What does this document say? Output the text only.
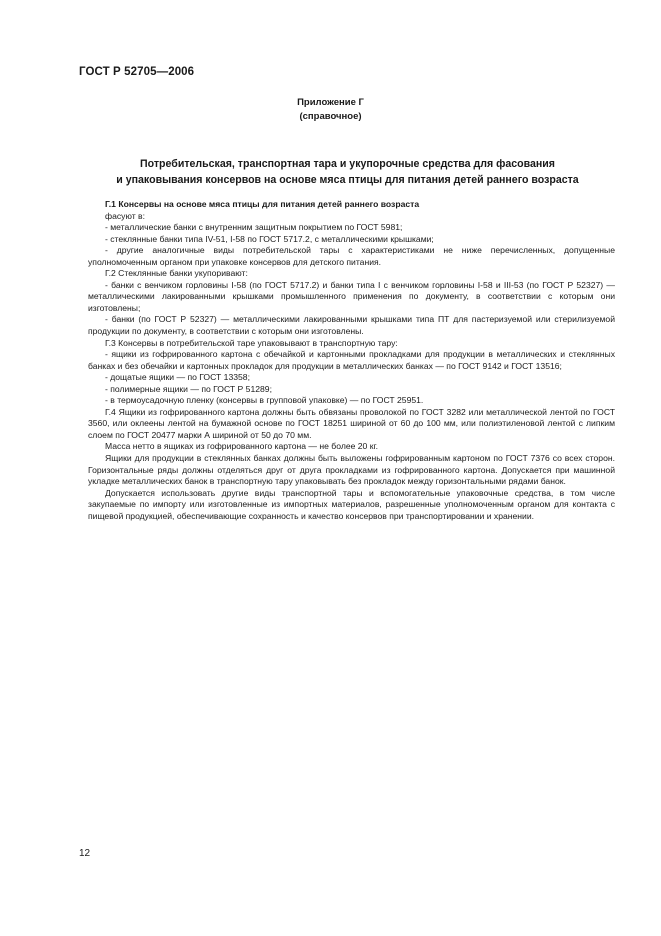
ГОСТ Р 52705—2006
Приложение Г
(справочное)
Потребительская, транспортная тара и укупорочные средства для фасования
и упаковывания консервов на основе мяса птицы для питания детей раннего возраста

Г.1 Консервы на основе мяса птицы для питания детей раннего возраста

фасуют в:

- металлические банки с внутренним защитным покрытием по ГОСТ 5981;

- стеклянные банки типа IV-51, I-58 по ГОСТ 5717.2, с металлическими крышками;

- другие аналогичные виды потребительской тары с характеристиками не ниже перечисленных, допущенные уполномоченным органом при упаковке консервов для детского питания.

Г.2 Стеклянные банки укупоривают:

- банки с венчиком горловины I-58 (по ГОСТ 5717.2) и банки типа I с венчиком горловины I-58 и III-53 (по ГОСТ Р 52327) — металлическими лакированными крышками промышленного применения по документу, в соответствии с которым они изготовлены;

- банки (по ГОСТ Р 52327) — металлическими лакированными крышками типа ПТ для пастеризуемой или стерилизуемой продукции по документу, в соответствии с которым они изготовлены.

Г.3 Консервы в потребительской таре упаковывают в транспортную тару:

- ящики из гофрированного картона с обечайкой и картонными прокладками для продукции в металлических и стеклянных банках и без обечайки и картонных прокладок для продукции в металлических банках — по ГОСТ 9142 и ГОСТ 13516;

- дощатые ящики — по ГОСТ 13358;

- полимерные ящики — по ГОСТ Р 51289;

- в термоусадочную пленку (консервы в групповой упаковке) — по ГОСТ 25951.

Г.4 Ящики из гофрированного картона должны быть обвязаны проволокой по ГОСТ 3282 или металлической лентой по ГОСТ 3560, или оклеены лентой на бумажной основе по ГОСТ 18251 шириной от 60 до 100 мм, или полиэтиленовой лентой с липким слоем по ГОСТ 20477 марки А шириной от 50 до 70 мм.

Масса нетто в ящиках из гофрированного картона — не более 20 кг.

Ящики для продукции в стеклянных банках должны быть выложены гофрированным картоном по ГОСТ 7376 со всех сторон. Горизонтальные ряды должны отделяться друг от друга прокладками из гофрированного картона. Допускается при машинной укладке металлических банок в транспортную тару упаковывать без прокладок между горизонтальными рядами банок.

Допускается использовать другие виды транспортной тары и вспомогательные упаковочные средства, в том числе закупаемые по импорту или изготовленные из импортных материалов, разрешенные уполномоченным органом для контакта с пищевой продукцией, обеспечивающие сохранность и качество консервов при транспортировании и хранении.

12
